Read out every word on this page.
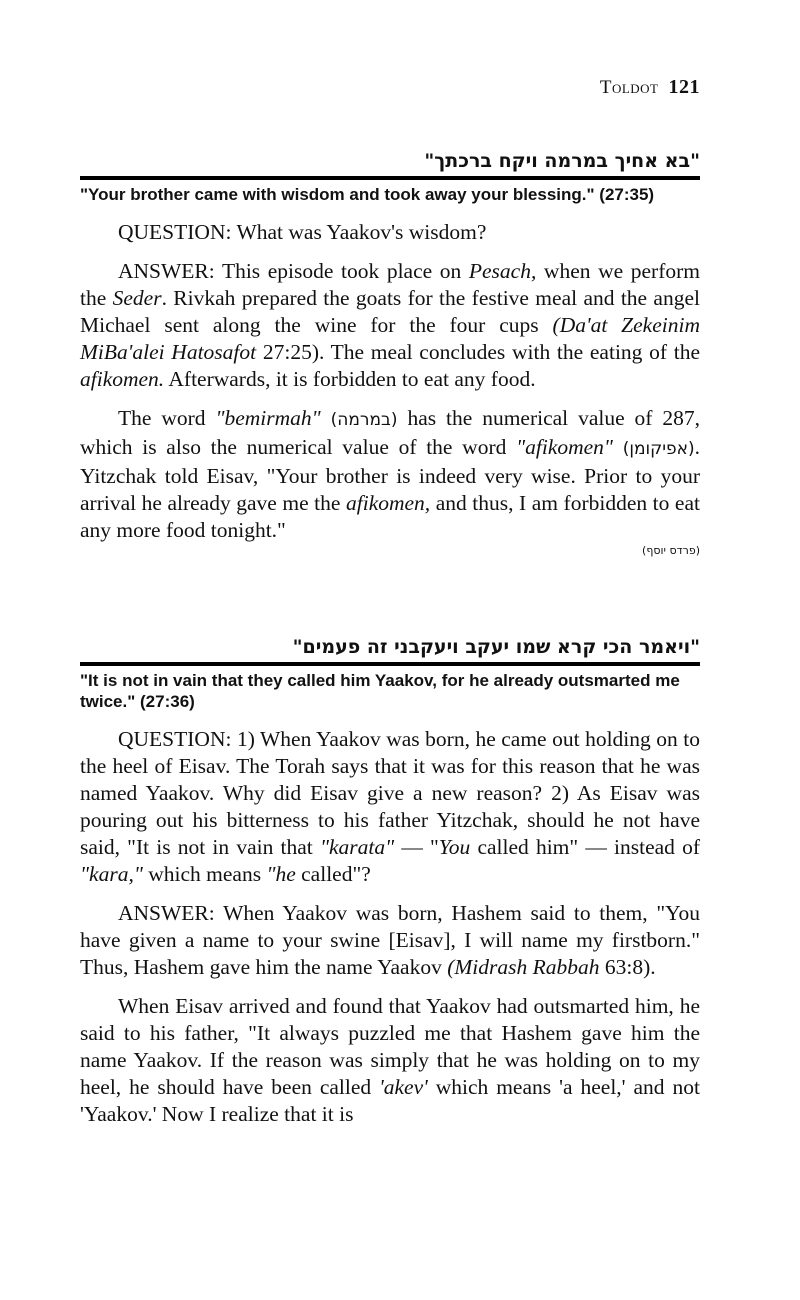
Toldot 121
"בא אחיך במרמה ויקח ברכתך"
"Your brother came with wisdom and took away your blessing." (27:35)

QUESTION: What was Yaakov's wisdom?

ANSWER: This episode took place on Pesach, when we perform the Seder. Rivkah prepared the goats for the festive meal and the angel Michael sent along the wine for the four cups (Da'at Zekeinim MiBa'alei Hatosafot 27:25). The meal concludes with the eating of the afikomen. Afterwards, it is forbidden to eat any food.

The word "bemirmah" (במרמה) has the numerical value of 287, which is also the numerical value of the word "afikomen" (אפיקומן). Yitzchak told Eisav, "Your brother is indeed very wise. Prior to your arrival he already gave me the afikomen, and thus, I am forbidden to eat any more food tonight."

(פרדס יוסף)
"ויאמר הכי קרא שמו יעקב ויעקבני זה פעמים"
"It is not in vain that they called him Yaakov, for he already outsmarted me twice." (27:36)

QUESTION: 1) When Yaakov was born, he came out holding on to the heel of Eisav. The Torah says that it was for this reason that he was named Yaakov. Why did Eisav give a new reason? 2) As Eisav was pouring out his bitterness to his father Yitzchak, should he not have said, "It is not in vain that "karata" — "You called him" — instead of "kara," which means "he called"?

ANSWER: When Yaakov was born, Hashem said to them, "You have given a name to your swine [Eisav], I will name my firstborn." Thus, Hashem gave him the name Yaakov (Midrash Rabbah 63:8).

When Eisav arrived and found that Yaakov had outsmarted him, he said to his father, "It always puzzled me that Hashem gave him the name Yaakov. If the reason was simply that he was holding on to my heel, he should have been called 'akev' which means 'a heel,' and not 'Yaakov.' Now I realize that it is
